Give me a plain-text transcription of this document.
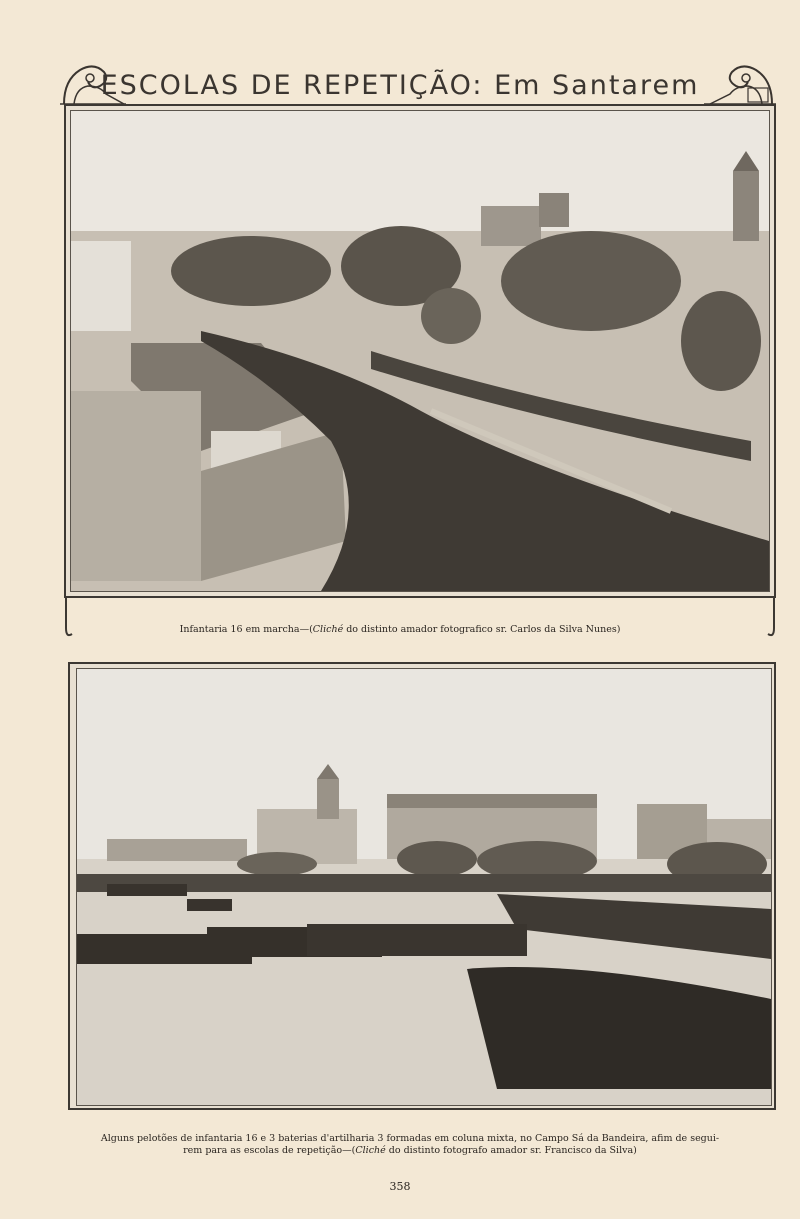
ESCOLAS DE REPETIÇÃO: Em Santarem

Infantaria 16 em marcha—(Cliché do distinto amador fotografico sr. Carlos da Silva Nunes)

Alguns pelotões de infantaria 16 e 3 baterias d'artilharia 3 formadas em coluna mixta, no Campo Sá da Bandeira, afim de segui-
rem para as escolas de repetição—(Cliché do distinto fotografo amador sr. Francisco da Silva)
358
